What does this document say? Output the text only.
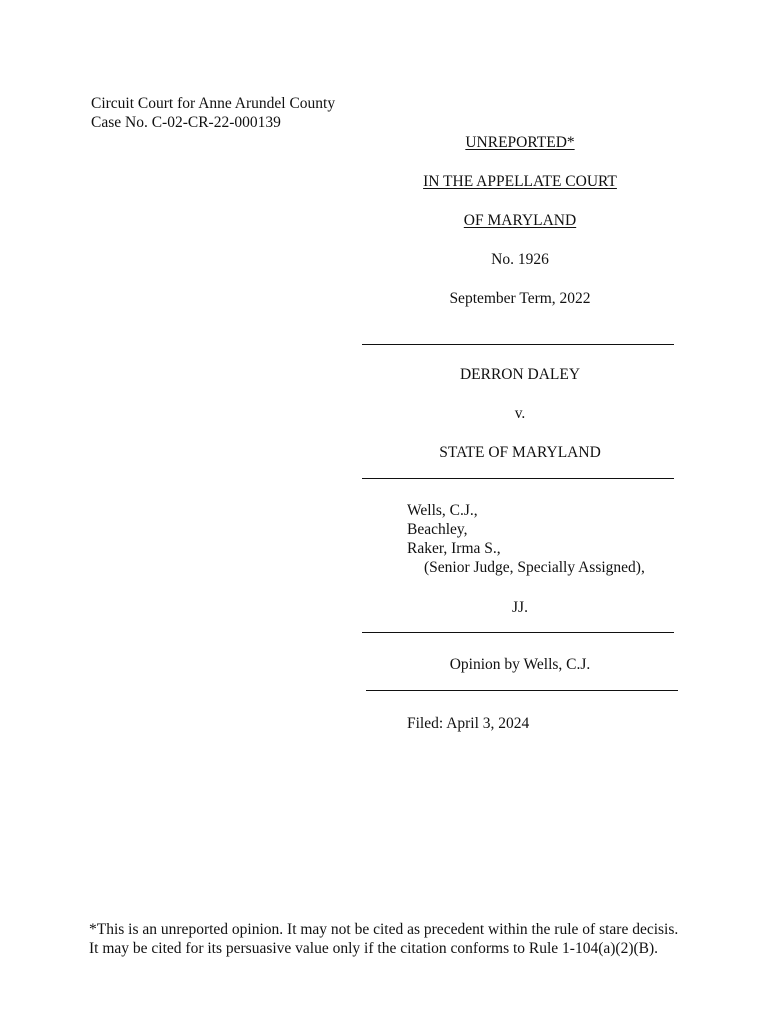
Circuit Court for Anne Arundel County
Case No. C-02-CR-22-000139
UNREPORTED*
IN THE APPELLATE COURT
OF MARYLAND
No. 1926
September Term, 2022
DERRON DALEY
v.
STATE OF MARYLAND
Wells, C.J.,
Beachley,
Raker, Irma S.,
(Senior Judge, Specially Assigned),
JJ.
Opinion by Wells, C.J.
Filed: April 3, 2024
*This is an unreported opinion. It may not be cited as precedent within the rule of stare decisis. It may be cited for its persuasive value only if the citation conforms to Rule 1-104(a)(2)(B).
